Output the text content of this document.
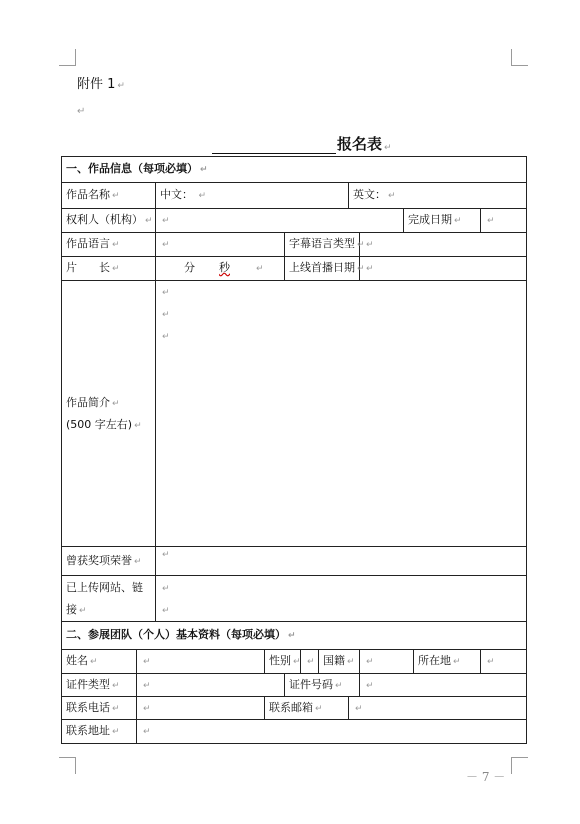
附件 1 ↵
↵
报名表 ↵
一、作品信息（每项必填） ↵											
作品名称 ↵		中文： ↵					英文： ↵				
权利人（机构） ↵		↵							完成日期 ↵		↵
作品语言 ↵		↵		字幕语言类型 ↵				↵			
片　　长 ↵		分 秒 ↵		上线首播日期 ↵				↵			

作品简介 ↵
(500 字左右) ↵		↵
↵
↵									

曾获奖项荣誉 ↵		↵									

已上传网站、链
接 ↵		↵
↵									

二、参展团队（个人）基本资料（每项必填） ↵											
姓名 ↵	↵		性别 ↵		↵	国籍 ↵		↵		所在地 ↵	↵
证件类型 ↵	↵			证件号码 ↵				↵			
联系电话 ↵	↵		联系邮箱 ↵				↵				
联系地址 ↵	↵										
－ 7 －
